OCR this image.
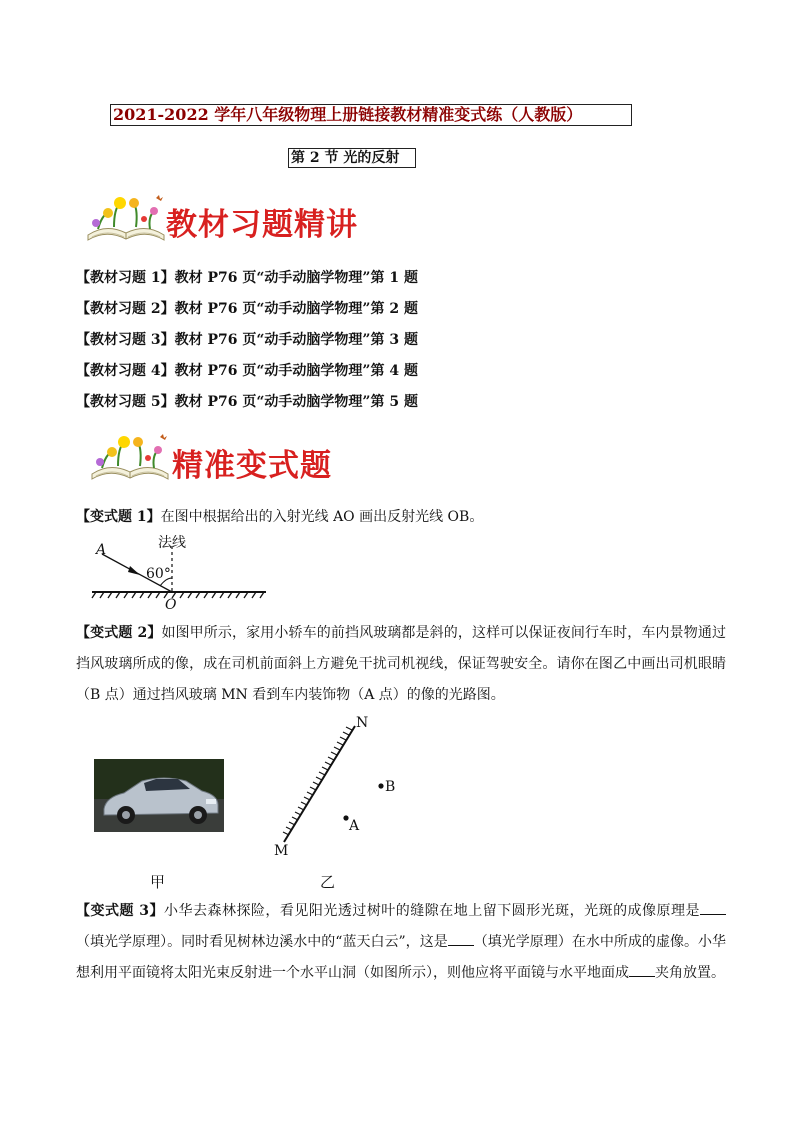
2021-2022 学年八年级物理上册链接教材精准变式练（人教版）
第 2 节 光的反射
教材习题精讲
【教材习题 1】教材 P76 页“动手动脑学物理”第 1 题
【教材习题 2】教材 P76 页“动手动脑学物理”第 2 题
【教材习题 3】教材 P76 页“动手动脑学物理”第 3 题
【教材习题 4】教材 P76 页“动手动脑学物理”第 4 题
【教材习题 5】教材 P76 页“动手动脑学物理”第 5 题
精准变式题
【变式题 1】在图中根据给出的入射光线 AO 画出反射光线 OB。
法线
A
60°
O
【变式题 2】如图甲所示，家用小轿车的前挡风玻璃都是斜的，这样可以保证夜间行车时，车内景物通过挡风玻璃所成的像，成在司机前面斜上方避免干扰司机视线，保证驾驶安全。请你在图乙中画出司机眼睛（B 点）通过挡风玻璃 MN 看到车内装饰物（A 点）的像的光路图。
N
M
B
A
甲	乙
【变式题 3】小华去森林探险，看见阳光透过树叶的缝隙在地上留下圆形光斑，光斑的成像原理是（填光学原理）。同时看见树林边溪水中的“蓝天白云”，这是 （填光学原理）在水中所成的虚像。小华想利用平面镜将太阳光束反射进一个水平山洞（如图所示），则他应将平面镜与水平地面成 夹角放置。
